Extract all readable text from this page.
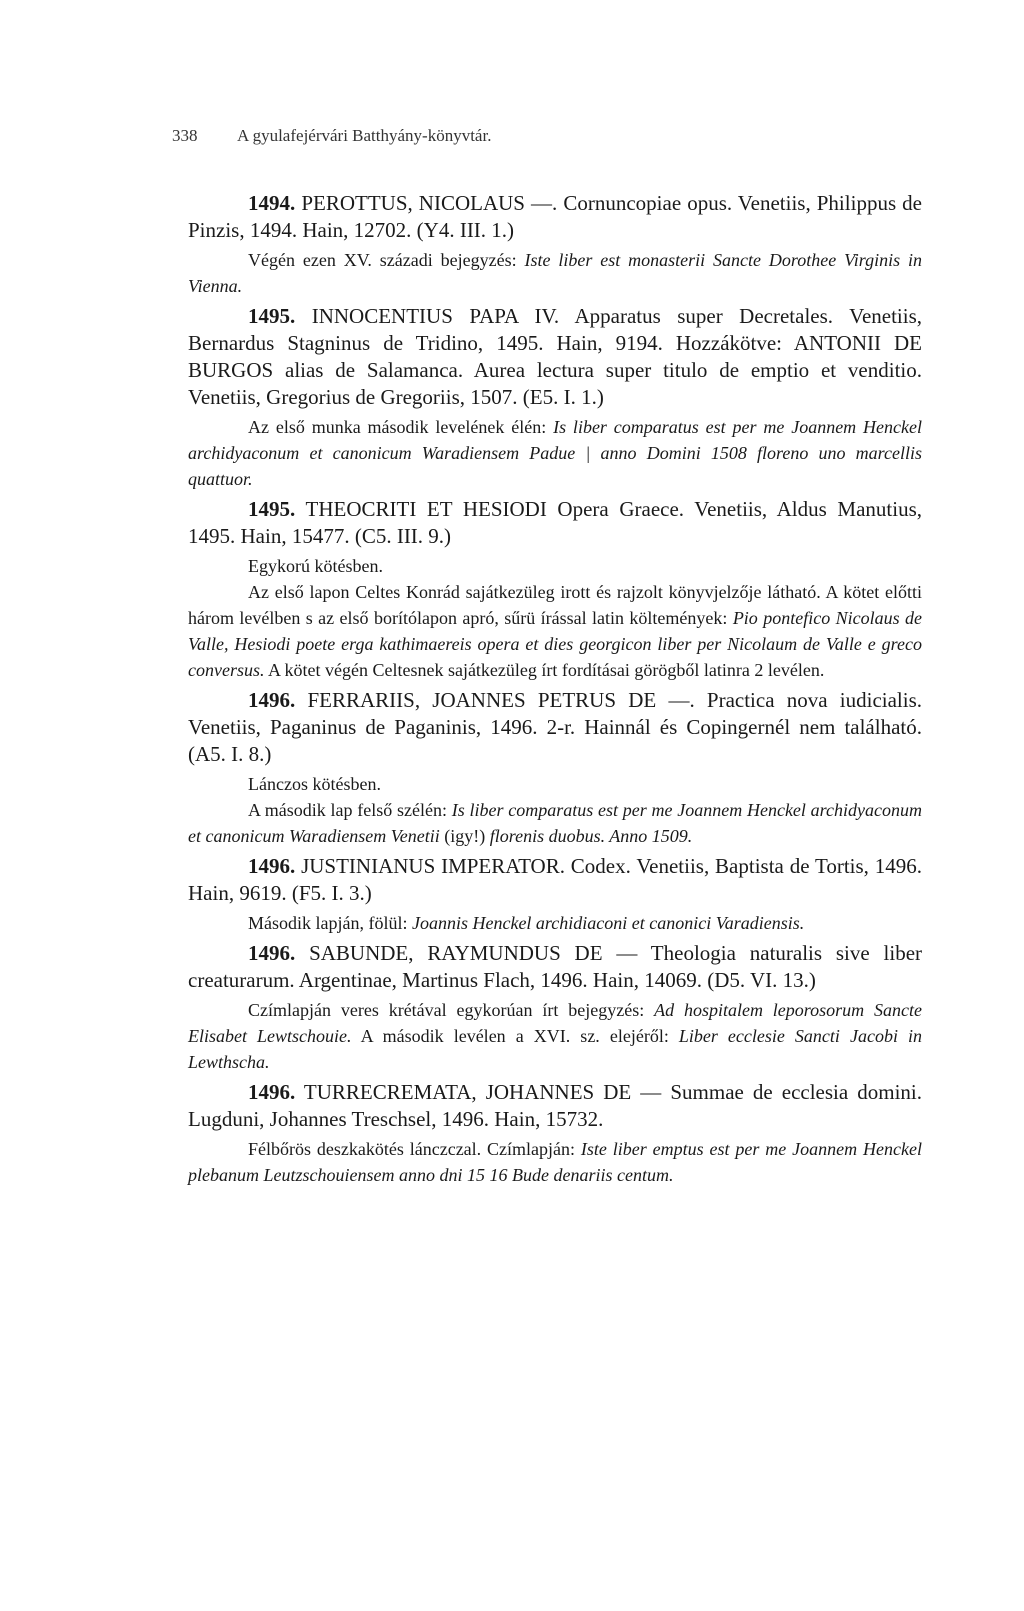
338 A gyulafejérvári Batthyány-könyvtár.

1494. PEROTTUS, NICOLAUS —. Cornuncopiae opus. Venetiis, Philippus de Pinzis, 1494. Hain, 12702. (Y4. III. 1.)

Végén ezen XV. századi bejegyzés: Iste liber est monasterii Sancte Dorothee Virginis in Vienna.

1495. INNOCENTIUS PAPA IV. Apparatus super Decretales. Venetiis, Bernardus Stagninus de Tridino, 1495. Hain, 9194. Hozzákötve: ANTONII DE BURGOS alias de Salamanca. Aurea lectura super titulo de emptio et venditio. Venetiis, Gregorius de Gregoriis, 1507. (E5. I. 1.)

Az első munka második levelének élén: Is liber comparatus est per me Joannem Henckel archidyaconum et canonicum Waradiensem Padue | anno Domini 1508 floreno uno marcellis quattuor.

1495. THEOCRITI ET HESIODI Opera Graece. Venetiis, Aldus Manutius, 1495. Hain, 15477. (C5. III. 9.)

Egykorú kötésben.

Az első lapon Celtes Konrád sajátkezüleg irott és rajzolt könyvjelzője látható. A kötet előtti három levélben s az első borítólapon apró, sűrü írással latin költemények: Pio pontefico Nicolaus de Valle, Hesiodi poete erga kathimaereis opera et dies georgicon liber per Nicolaum de Valle e greco conversus. A kötet végén Celtesnek sajátkezüleg írt fordításai görögből latinra 2 levélen.

1496. FERRARIIS, JOANNES PETRUS DE —. Practica nova iudicialis. Venetiis, Paganinus de Paganinis, 1496. 2-r. Hainnál és Copingernél nem található. (A5. I. 8.)

Lánczos kötésben.

A második lap felső szélén: Is liber comparatus est per me Joannem Henckel archidyaconum et canonicum Waradiensem Venetii (igy!) florenis duobus. Anno 1509.

1496. JUSTINIANUS IMPERATOR. Codex. Venetiis, Baptista de Tortis, 1496. Hain, 9619. (F5. I. 3.)

Második lapján, fölül: Joannis Henckel archidiaconi et canonici Varadiensis.

1496. SABUNDE, RAYMUNDUS DE — Theologia naturalis sive liber creaturarum. Argentinae, Martinus Flach, 1496. Hain, 14069. (D5. VI. 13.)

Czímlapján veres krétával egykorúan írt bejegyzés: Ad hospitalem leporosorum Sancte Elisabet Lewtschouie. A második levélen a XVI. sz. elejéről: Liber ecclesie Sancti Jacobi in Lewthscha.

1496. TURRECREMATA, JOHANNES DE — Summae de ecclesia domini. Lugduni, Johannes Treschsel, 1496. Hain, 15732.

Félbőrös deszkakötés lánczczal. Czímlapján: Iste liber emptus est per me Joannem Henckel plebanum Leutzschouiensem anno dni 15 16 Bude denariis centum.
